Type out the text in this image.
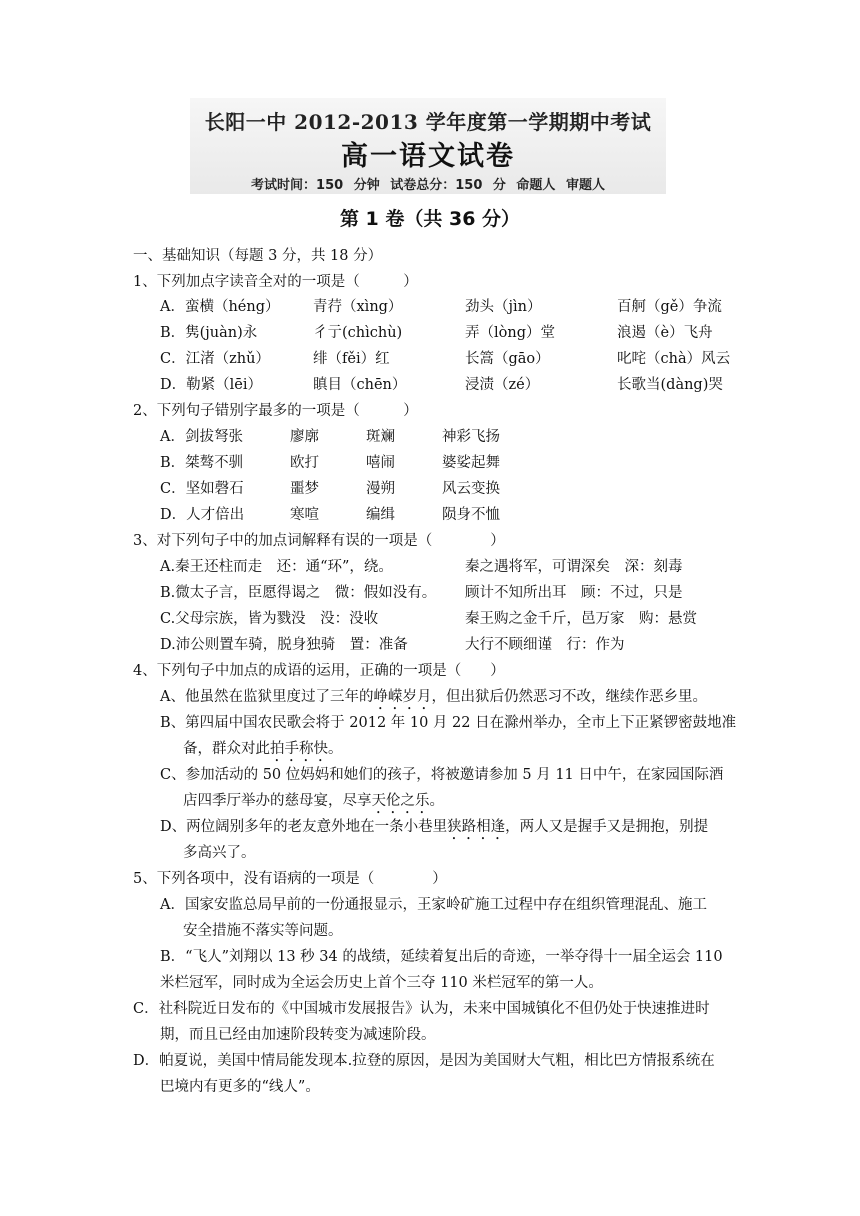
长阳一中 2012-2013 学年度第一学期期中考试
高一语文试卷
考试时间：150 分钟 试卷总分：150 分 命题人 审题人
第 1 卷（共 36 分）
一、基础知识（每题 3 分，共 18 分）
1、下列加点字读音全对的一项是（　　　）
A．蛮横（héng） 青荇（xìng）	劲头（jìn）	百舸（gě）争流
B．隽(juàn)永	彳亍(chìchù)	弄（lòng）堂	浪遏（è）飞舟
C．江渚（zhǔ）	绯（fěi）红	长篙（gāo）	叱咤（chà）风云
D．勒紧（lēi）	瞋目（chēn）	浸渍（zé）	长歌当(dàng)哭
2、下列句子错别字最多的一项是（　　　）
A．剑拔弩张	廖廓	斑斓	神彩飞扬
B．桀骜不驯	欧打	嘻闹	婆娑起舞
C．坚如磬石	噩梦	漫朔	风云变换
D．人才倍出	寒喧	编缉	陨身不恤
3、对下列句子中的加点词解释有误的一项是（　　　　）
A.秦王还柱而走　还：通“环”，绕。	秦之遇将军，可谓深矣　深：刻毒
B.微太子言，臣愿得谒之　微：假如没有。 顾计不知所出耳　顾：不过，只是
C.父母宗族，皆为戮没　没：没收	秦王购之金千斤，邑万家　购：悬赏
D.沛公则置车骑，脱身独骑　置：准备	大行不顾细谨　行：作为
4、下列句子中加点的成语的运用，正确的一项是（　　）
A、他虽然在监狱里度过了三年的峥嵘岁月，但出狱后仍然恶习不改，继续作恶乡里。
B、第四届中国农民歌会将于 2012 年 10 月 22 日在滁州举办，全市上下正紧锣密鼓地准
备，群众对此拍手称快。
C、参加活动的 50 位妈妈和她们的孩子，将被邀请参加 5 月 11 日中午，在家园国际酒
店四季厅举办的慈母宴，尽享天伦之乐。
D、两位阔别多年的老友意外地在一条小巷里狭路相逢，两人又是握手又是拥抱，别提
多高兴了。
5、下列各项中，没有语病的一项是（　　　　）
A．国家安监总局早前的一份通报显示，王家岭矿施工过程中存在组织管理混乱、施工
安全措施不落实等问题。
B．“飞人”刘翔以 13 秒 34 的战绩，延续着复出后的奇迹，一举夺得十一届全运会 110
米栏冠军，同时成为全运会历史上首个三夺 110 米栏冠军的第一人。
C．社科院近日发布的《中国城市发展报告》认为，未来中国城镇化不但仍处于快速推进时
期，而且已经由加速阶段转变为减速阶段。
D．帕夏说，美国中情局能发现本.拉登的原因，是因为美国财大气粗，相比巴方情报系统在
巴境内有更多的“线人”。
